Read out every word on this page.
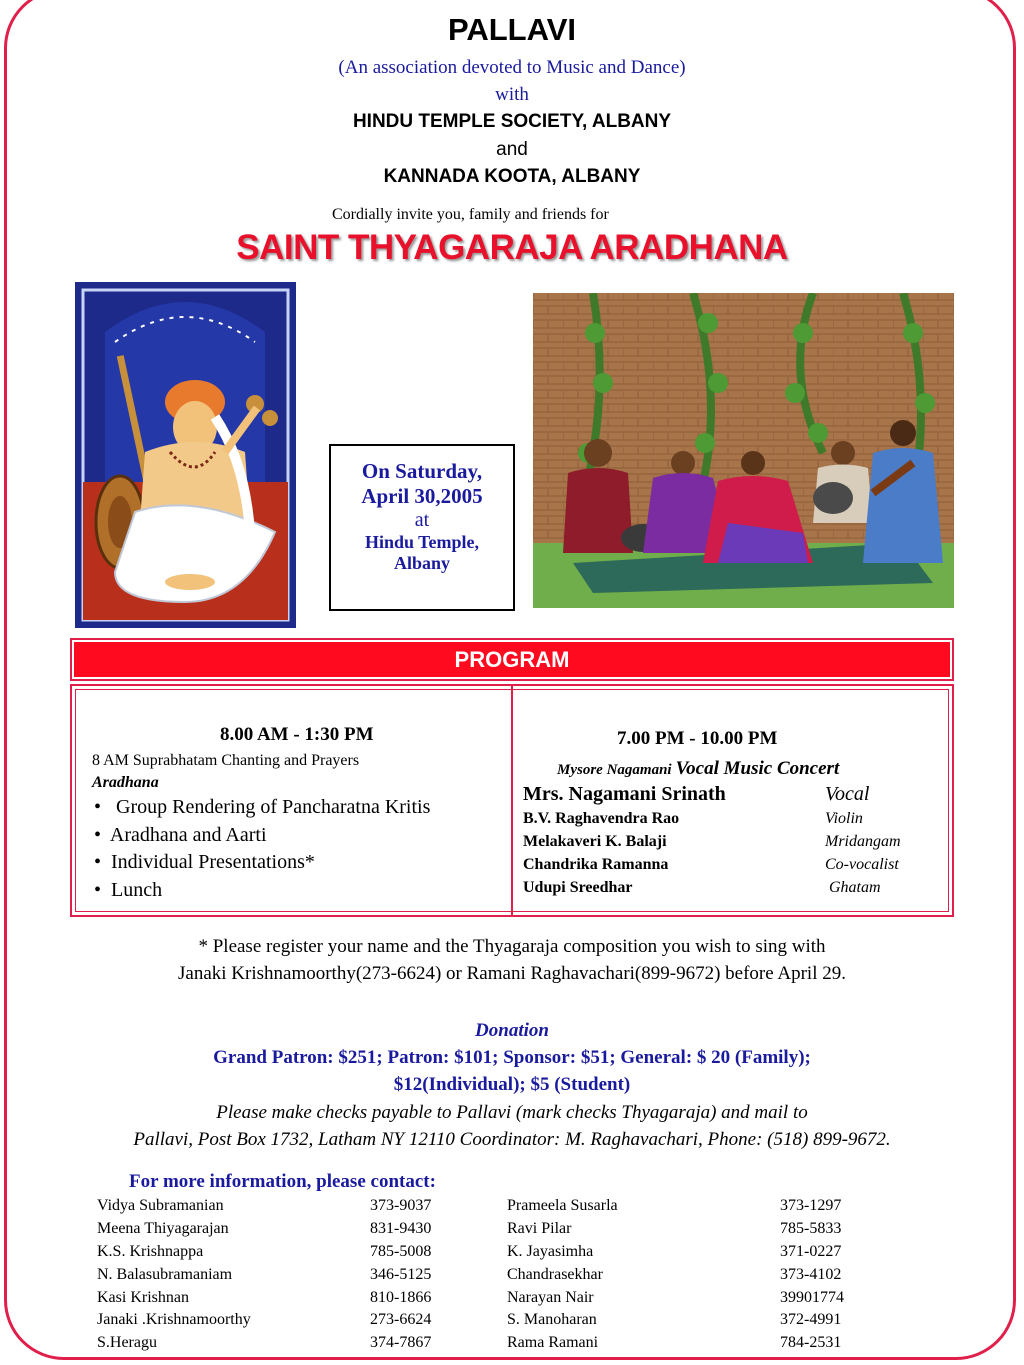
PALLAVI
(An association devoted to Music and Dance)
with
HINDU TEMPLE SOCIETY, ALBANY
and
KANNADA KOOTA, ALBANY
Cordially invite you, family and friends for
SAINT THYAGARAJA ARADHANA
On Saturday,
April 30,2005
at
Hindu Temple,
Albany
PROGRAM
8.00 AM - 1:30 PM
8 AM Suprabhatam Chanting and Prayers
Aradhana
•   Group Rendering of Pancharatna Kritis
•  Aradhana and Aarti
•  Individual Presentations*
•  Lunch
7.00 PM - 10.00 PM
Mysore Nagamani Vocal Music Concert
Mrs. Nagamani Srinath	Vocal
B.V. Raghavendra Rao	Violin
Melakaveri K. Balaji	Mridangam
Chandrika Ramanna	Co-vocalist
Udupi Sreedhar	Ghatam
* Please register your name and the Thyagaraja composition you wish to sing with
Janaki Krishnamoorthy(273-6624) or Ramani Raghavachari(899-9672) before April 29.
Donation
Grand Patron: $251; Patron: $101; Sponsor: $51; General: $ 20 (Family);
$12(Individual); $5 (Student)
Please make checks payable to Pallavi (mark checks Thyagaraja) and mail to
Pallavi, Post Box 1732, Latham NY 12110 Coordinator: M. Raghavachari, Phone: (518) 899-9672.
For more information, please contact:
Vidya Subramanian	373-9037	Prameela Susarla	373-1297
Meena Thiyagarajan	831-9430	Ravi Pilar	785-5833
K.S. Krishnappa	785-5008	K. Jayasimha	371-0227
N. Balasubramaniam	346-5125	Chandrasekhar	373-4102
Kasi Krishnan	810-1866	Narayan Nair	39901774
Janaki .Krishnamoorthy	273-6624	S. Manoharan	372-4991
S.Heragu	374-7867	Rama Ramani	784-2531
